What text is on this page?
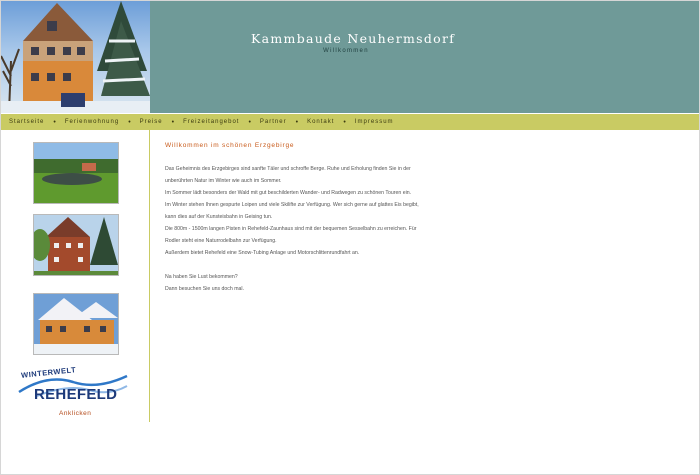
Kammbaude Neuhermsdorf
Willkommen
Startseite • Ferienwohnung • Preise • Freizeitangebot • Partner • Kontakt • Impressum
WINTERWELT
REHEFELD
Anklicken
Willkommen im schönen Erzgebirge

Das Geheimnis des Erzgebirges sind sanfte Täler und schroffe Berge. Ruhe und Erholung finden Sie in der

unberührten Natur im Winter wie auch im Sommer.

Im Sommer lädt besonders der Wald mit gut beschilderten Wander- und Radwegen zu schönen Touren ein.

Im Winter stehen Ihnen gespurte Loipen und viele Skilifte zur Verfügung. Wer sich gerne auf glattes Eis begibt,

kann dies auf der Kunsteisbahn in Geising tun.

Die 800m - 1500m langen Pisten in Rehefeld-Zaunhaus sind mit der bequemen Sesselbahn zu erreichen. Für

Rodler steht eine Naturrodelbahn zur Verfügung.

Außerdem bietet Rehefeld eine Snow-Tubing Anlage und Motorschlittenrundfahrt an.

Na haben Sie Lust bekommen?

Dann besuchen Sie uns doch mal.
